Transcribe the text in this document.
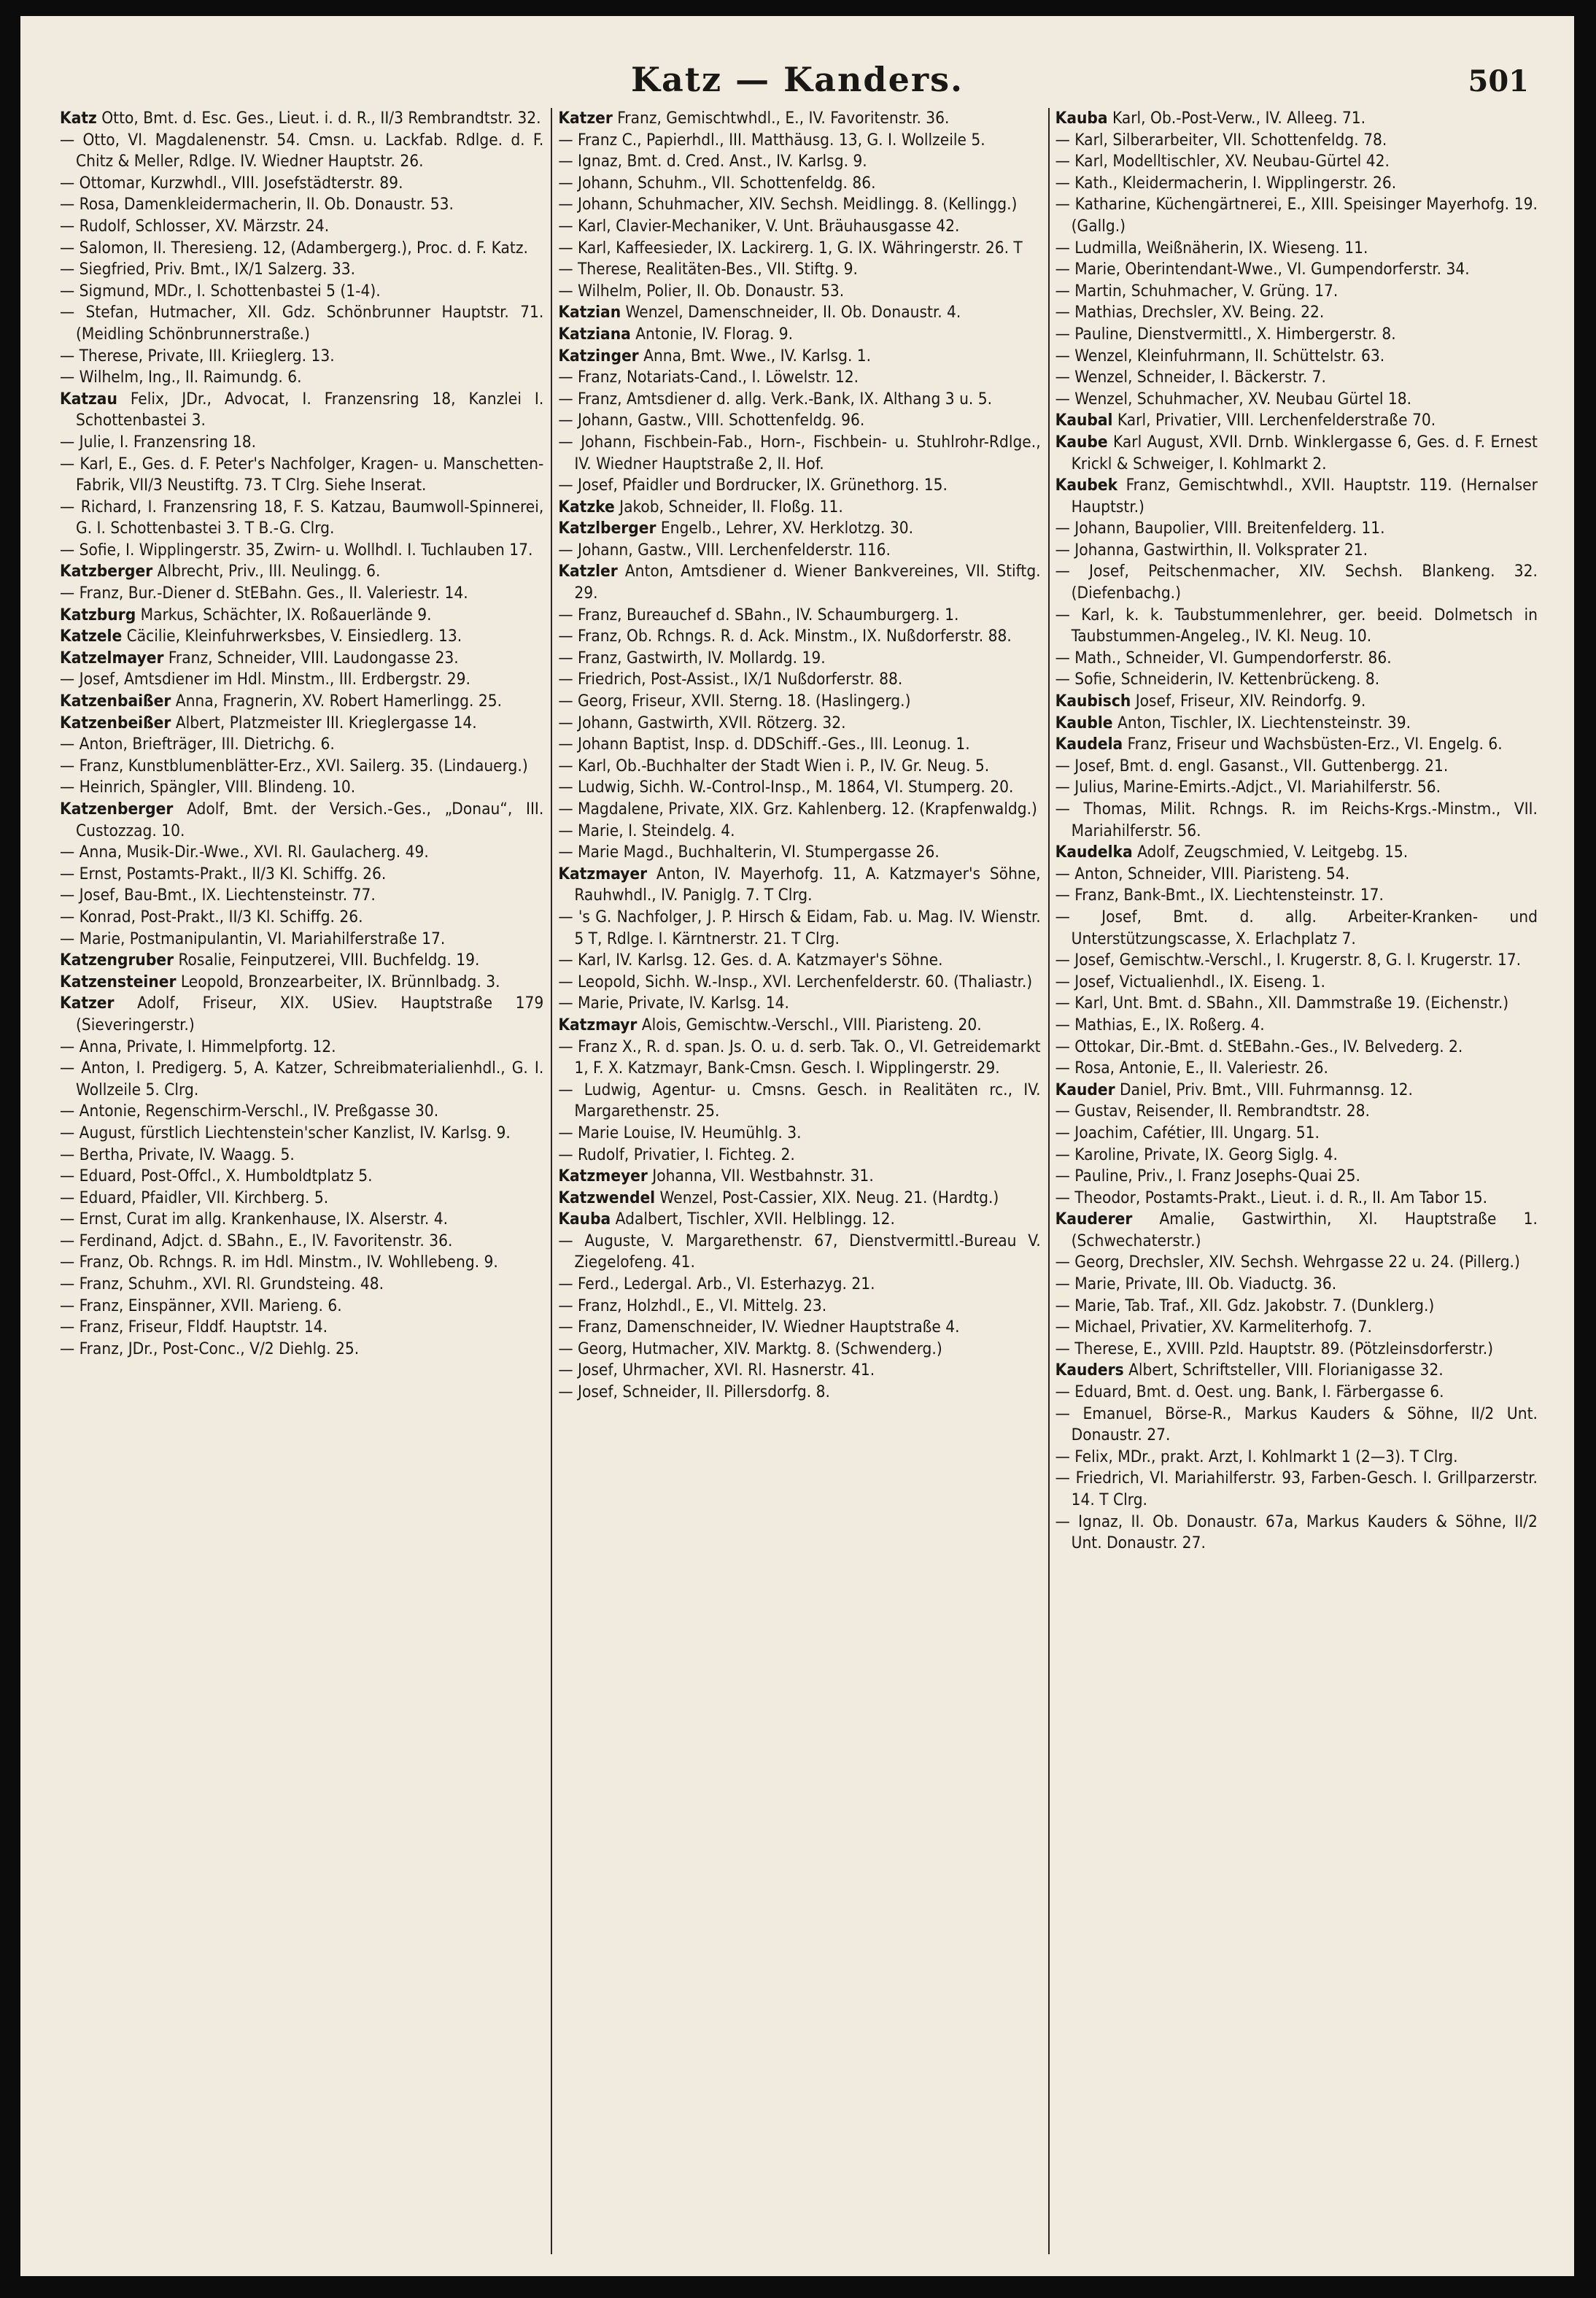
Katz — Kanders.	501

Katz Otto, Bmt. d. Esc. Ges., Lieut. i. d. R., II/3 Rembrandtstr. 32.

— Otto, VI. Magdalenenstr. 54. Cmsn. u. Lackfab. Rdlge. d. F. Chitz & Meller, Rdlge. IV. Wiedner Hauptstr. 26.

— Ottomar, Kurzwhdl., VIII. Josefstädterstr. 89.

— Rosa, Damenkleidermacherin, II. Ob. Donaustr. 53.

— Rudolf, Schlosser, XV. Märzstr. 24.

— Salomon, II. Theresieng. 12, (Adambergerg.), Proc. d. F. Katz.

— Siegfried, Priv. Bmt., IX/1 Salzerg. 33.

— Sigmund, MDr., I. Schottenbastei 5 (1-4).

— Stefan, Hutmacher, XII. Gdz. Schönbrunner Hauptstr. 71. (Meidling Schönbrunnerstraße.)

— Therese, Private, III. Kriieglerg. 13.

— Wilhelm, Ing., II. Raimundg. 6.

Katzau Felix, JDr., Advocat, I. Franzensring 18, Kanzlei I. Schottenbastei 3.

— Julie, I. Franzensring 18.

— Karl, E., Ges. d. F. Peter's Nachfolger, Kragen- u. Manschetten-Fabrik, VII/3 Neustiftg. 73. T Clrg. Siehe Inserat.

— Richard, I. Franzensring 18, F. S. Katzau, Baumwoll-Spinnerei, G. I. Schottenbastei 3. T B.-G. Clrg.

— Sofie, I. Wipplingerstr. 35, Zwirn- u. Wollhdl. I. Tuchlauben 17.

Katzberger Albrecht, Priv., III. Neulingg. 6.

— Franz, Bur.-Diener d. StEBahn. Ges., II. Valeriestr. 14.

Katzburg Markus, Schächter, IX. Roßauerlände 9.

Katzele Cäcilie, Kleinfuhrwerksbes, V. Einsiedlerg. 13.

Katzelmayer Franz, Schneider, VIII. Laudongasse 23.

— Josef, Amtsdiener im Hdl. Minstm., III. Erdbergstr. 29.

Katzenbaißer Anna, Fragnerin, XV. Robert Hamerlingg. 25.

Katzenbeißer Albert, Platzmeister III. Krieglergasse 14.

— Anton, Briefträger, III. Dietrichg. 6.

— Franz, Kunstblumenblätter-Erz., XVI. Sailerg. 35. (Lindauerg.)

— Heinrich, Spängler, VIII. Blindeng. 10.

Katzenberger Adolf, Bmt. der Versich.-Ges., „Donau“, III. Custozzag. 10.

— Anna, Musik-Dir.-Wwe., XVI. Rl. Gaulacherg. 49.

— Ernst, Postamts-Prakt., II/3 Kl. Schiffg. 26.

— Josef, Bau-Bmt., IX. Liechtensteinstr. 77.

— Konrad, Post-Prakt., II/3 Kl. Schiffg. 26.

— Marie, Postmanipulantin, VI. Mariahilferstraße 17.

Katzengruber Rosalie, Feinputzerei, VIII. Buchfeldg. 19.

Katzensteiner Leopold, Bronzearbeiter, IX. Brünnlbadg. 3.

Katzer Adolf, Friseur, XIX. USiev. Hauptstraße 179 (Sieveringerstr.)

— Anna, Private, I. Himmelpfortg. 12.

— Anton, I. Predigerg. 5, A. Katzer, Schreibmaterialienhdl., G. I. Wollzeile 5. Clrg.

— Antonie, Regenschirm-Verschl., IV. Preßgasse 30.

— August, fürstlich Liechtenstein'scher Kanzlist, IV. Karlsg. 9.

— Bertha, Private, IV. Waagg. 5.

— Eduard, Post-Offcl., X. Humboldtplatz 5.

— Eduard, Pfaidler, VII. Kirchberg. 5.

— Ernst, Curat im allg. Krankenhause, IX. Alserstr. 4.

— Ferdinand, Adjct. d. SBahn., E., IV. Favoritenstr. 36.

— Franz, Ob. Rchngs. R. im Hdl. Minstm., IV. Wohllebeng. 9.

— Franz, Schuhm., XVI. Rl. Grundsteing. 48.

— Franz, Einspänner, XVII. Marieng. 6.

— Franz, Friseur, Flddf. Hauptstr. 14.

— Franz, JDr., Post-Conc., V/2 Diehlg. 25.

Katzer Franz, Gemischtwhdl., E., IV. Favoritenstr. 36.

— Franz C., Papierhdl., III. Matthäusg. 13, G. I. Wollzeile 5.

— Ignaz, Bmt. d. Cred. Anst., IV. Karlsg. 9.

— Johann, Schuhm., VII. Schottenfeldg. 86.

— Johann, Schuhmacher, XIV. Sechsh. Meidlingg. 8. (Kellingg.)

— Karl, Clavier-Mechaniker, V. Unt. Bräuhausgasse 42.

— Karl, Kaffeesieder, IX. Lackirerg. 1, G. IX. Währingerstr. 26. T

— Therese, Realitäten-Bes., VII. Stiftg. 9.

— Wilhelm, Polier, II. Ob. Donaustr. 53.

Katzian Wenzel, Damenschneider, II. Ob. Donaustr. 4.

Katziana Antonie, IV. Florag. 9.

Katzinger Anna, Bmt. Wwe., IV. Karlsg. 1.

— Franz, Notariats-Cand., I. Löwelstr. 12.

— Franz, Amtsdiener d. allg. Verk.-Bank, IX. Althang 3 u. 5.

— Johann, Gastw., VIII. Schottenfeldg. 96.

— Johann, Fischbein-Fab., Horn-, Fischbein- u. Stuhlrohr-Rdlge., IV. Wiedner Hauptstraße 2, II. Hof.

— Josef, Pfaidler und Bordrucker, IX. Grünethorg. 15.

Katzke Jakob, Schneider, II. Floßg. 11.

Katzlberger Engelb., Lehrer, XV. Herklotzg. 30.

— Johann, Gastw., VIII. Lerchenfelderstr. 116.

Katzler Anton, Amtsdiener d. Wiener Bankvereines, VII. Stiftg. 29.

— Franz, Bureauchef d. SBahn., IV. Schaumburgerg. 1.

— Franz, Ob. Rchngs. R. d. Ack. Minstm., IX. Nußdorferstr. 88.

— Franz, Gastwirth, IV. Mollardg. 19.

— Friedrich, Post-Assist., IX/1 Nußdorferstr. 88.

— Georg, Friseur, XVII. Sterng. 18. (Haslingerg.)

— Johann, Gastwirth, XVII. Rötzerg. 32.

— Johann Baptist, Insp. d. DDSchiff.-Ges., III. Leonug. 1.

— Karl, Ob.-Buchhalter der Stadt Wien i. P., IV. Gr. Neug. 5.

— Ludwig, Sichh. W.-Control-Insp., M. 1864, VI. Stumperg. 20.

— Magdalene, Private, XIX. Grz. Kahlenberg. 12. (Krapfenwaldg.)

— Marie, I. Steindelg. 4.

— Marie Magd., Buchhalterin, VI. Stumpergasse 26.

Katzmayer Anton, IV. Mayerhofg. 11, A. Katzmayer's Söhne, Rauhwhdl., IV. Paniglg. 7. T Clrg.

— 's G. Nachfolger, J. P. Hirsch & Eidam, Fab. u. Mag. IV. Wienstr. 5 T, Rdlge. I. Kärntnerstr. 21. T Clrg.

— Karl, IV. Karlsg. 12. Ges. d. A. Katzmayer's Söhne.

— Leopold, Sichh. W.-Insp., XVI. Lerchenfelderstr. 60. (Thaliastr.)

— Marie, Private, IV. Karlsg. 14.

Katzmayr Alois, Gemischtw.-Verschl., VIII. Piaristeng. 20.

— Franz X., R. d. span. Js. O. u. d. serb. Tak. O., VI. Getreidemarkt 1, F. X. Katzmayr, Bank-Cmsn. Gesch. I. Wipplingerstr. 29.

— Ludwig, Agentur- u. Cmsns. Gesch. in Realitäten rc., IV. Margarethenstr. 25.

— Marie Louise, IV. Heumühlg. 3.

— Rudolf, Privatier, I. Fichteg. 2.

Katzmeyer Johanna, VII. Westbahnstr. 31.

Katzwendel Wenzel, Post-Cassier, XIX. Neug. 21. (Hardtg.)

Kauba Adalbert, Tischler, XVII. Helblingg. 12.

— Auguste, V. Margarethenstr. 67, Dienstvermittl.-Bureau V. Ziegelofeng. 41.

— Ferd., Ledergal. Arb., VI. Esterhazyg. 21.

— Franz, Holzhdl., E., VI. Mittelg. 23.

— Franz, Damenschneider, IV. Wiedner Hauptstraße 4.

— Georg, Hutmacher, XIV. Marktg. 8. (Schwenderg.)

— Josef, Uhrmacher, XVI. Rl. Hasnerstr. 41.

— Josef, Schneider, II. Pillersdorfg. 8.

Kauba Karl, Ob.-Post-Verw., IV. Alleeg. 71.

— Karl, Silberarbeiter, VII. Schottenfeldg. 78.

— Karl, Modelltischler, XV. Neubau-Gürtel 42.

— Kath., Kleidermacherin, I. Wipplingerstr. 26.

— Katharine, Küchengärtnerei, E., XIII. Speisinger Mayerhofg. 19. (Gallg.)

— Ludmilla, Weißnäherin, IX. Wieseng. 11.

— Marie, Oberintendant-Wwe., VI. Gumpendorferstr. 34.

— Martin, Schuhmacher, V. Grüng. 17.

— Mathias, Drechsler, XV. Being. 22.

— Pauline, Dienstvermittl., X. Himbergerstr. 8.

— Wenzel, Kleinfuhrmann, II. Schüttelstr. 63.

— Wenzel, Schneider, I. Bäckerstr. 7.

— Wenzel, Schuhmacher, XV. Neubau Gürtel 18.

Kaubal Karl, Privatier, VIII. Lerchenfelderstraße 70.

Kaube Karl August, XVII. Drnb. Winklergasse 6, Ges. d. F. Ernest Krickl & Schweiger, I. Kohlmarkt 2.

Kaubek Franz, Gemischtwhdl., XVII. Hauptstr. 119. (Hernalser Hauptstr.)

— Johann, Baupolier, VIII. Breitenfelderg. 11.

— Johanna, Gastwirthin, II. Volksprater 21.

— Josef, Peitschenmacher, XIV. Sechsh. Blankeng. 32. (Diefenbachg.)

— Karl, k. k. Taubstummenlehrer, ger. beeid. Dolmetsch in Taubstummen-Angeleg., IV. Kl. Neug. 10.

— Math., Schneider, VI. Gumpendorferstr. 86.

— Sofie, Schneiderin, IV. Kettenbrückeng. 8.

Kaubisch Josef, Friseur, XIV. Reindorfg. 9.

Kauble Anton, Tischler, IX. Liechtensteinstr. 39.

Kaudela Franz, Friseur und Wachsbüsten-Erz., VI. Engelg. 6.

— Josef, Bmt. d. engl. Gasanst., VII. Guttenbergg. 21.

— Julius, Marine-Emirts.-Adjct., VI. Mariahilferstr. 56.

— Thomas, Milit. Rchngs. R. im Reichs-Krgs.-Minstm., VII. Mariahilferstr. 56.

Kaudelka Adolf, Zeugschmied, V. Leitgebg. 15.

— Anton, Schneider, VIII. Piaristeng. 54.

— Franz, Bank-Bmt., IX. Liechtensteinstr. 17.

— Josef, Bmt. d. allg. Arbeiter-Kranken- und Unterstützungscasse, X. Erlachplatz 7.

— Josef, Gemischtw.-Verschl., I. Krugerstr. 8, G. I. Krugerstr. 17.

— Josef, Victualienhdl., IX. Eiseng. 1.

— Karl, Unt. Bmt. d. SBahn., XII. Dammstraße 19. (Eichenstr.)

— Mathias, E., IX. Roßerg. 4.

— Ottokar, Dir.-Bmt. d. StEBahn.-Ges., IV. Belvederg. 2.

— Rosa, Antonie, E., II. Valeriestr. 26.

Kauder Daniel, Priv. Bmt., VIII. Fuhrmannsg. 12.

— Gustav, Reisender, II. Rembrandtstr. 28.

— Joachim, Cafétier, III. Ungarg. 51.

— Karoline, Private, IX. Georg Siglg. 4.

— Pauline, Priv., I. Franz Josephs-Quai 25.

— Theodor, Postamts-Prakt., Lieut. i. d. R., II. Am Tabor 15.

Kauderer Amalie, Gastwirthin, XI. Hauptstraße 1. (Schwechaterstr.)

— Georg, Drechsler, XIV. Sechsh. Wehrgasse 22 u. 24. (Pillerg.)

— Marie, Private, III. Ob. Viaductg. 36.

— Marie, Tab. Traf., XII. Gdz. Jakobstr. 7. (Dunklerg.)

— Michael, Privatier, XV. Karmeliterhofg. 7.

— Therese, E., XVIII. Pzld. Hauptstr. 89. (Pötzleinsdorferstr.)

Kauders Albert, Schriftsteller, VIII. Florianigasse 32.

— Eduard, Bmt. d. Oest. ung. Bank, I. Färbergasse 6.

— Emanuel, Börse-R., Markus Kauders & Söhne, II/2 Unt. Donaustr. 27.

— Felix, MDr., prakt. Arzt, I. Kohlmarkt 1 (2—3). T Clrg.

— Friedrich, VI. Mariahilferstr. 93, Farben-Gesch. I. Grillparzerstr. 14. T Clrg.

— Ignaz, II. Ob. Donaustr. 67a, Markus Kauders & Söhne, II/2 Unt. Donaustr. 27.
